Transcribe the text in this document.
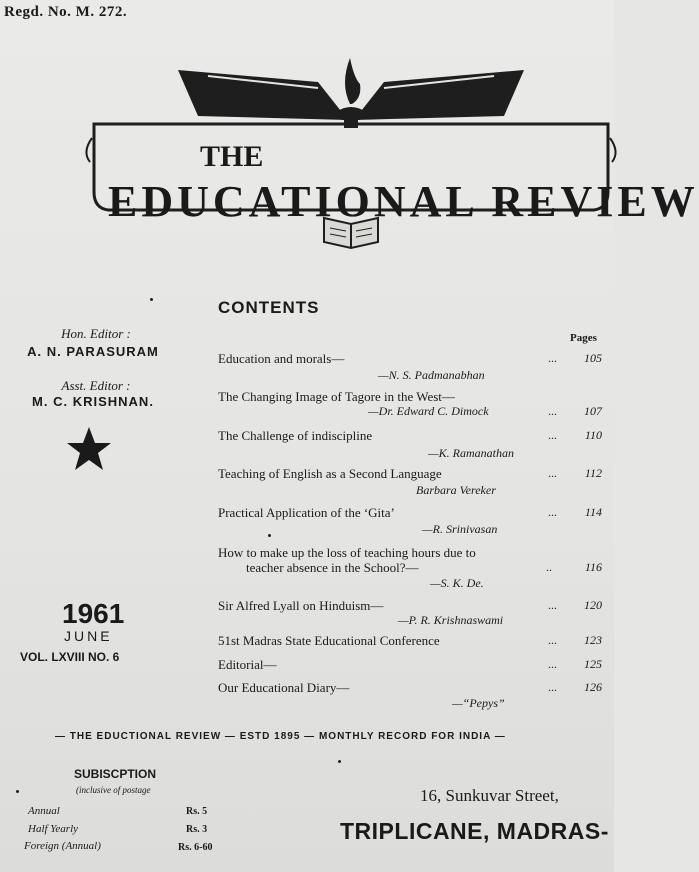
Regd. No. M. 272.
THE
EDUCATIONAL REVIEW
Hon. Editor :
A. N. PARASURAM
Asst. Editor :
M. C. KRISHNAN.
1961
JUNE
VOL. LXVIII NO. 6
CONTENTS
Pages
Education and morals—	...	105
—N. S. Padmanabhan
The Changing Image of Tagore in the West—
—Dr. Edward C. Dimock	...	107
The Challenge of indiscipline	...	110
—K. Ramanathan
Teaching of English as a Second Language	...	112
Barbara Vereker
Practical Application of the ‘Gita’	...	114
—R. Srinivasan
How to make up the loss of teaching hours due to
teacher absence in the School?—	..	116
—S. K. De.
Sir Alfred Lyall on Hinduism—	...	120
—P. R. Krishnaswami
51st Madras State Educational Conference	...	123
Editorial—	...	125
Our Educational Diary—	...	126
—“Pepys”
— THE EDUCTIONAL REVIEW — ESTD 1895 — MONTHLY RECORD FOR INDIA —
SUBISCPTION
(inclusive of postage
Annual	Rs. 5
Half Yearly	Rs. 3
Foreign (Annual)	Rs. 6-60
16, Sunkuvar Street,
TRIPLICANE, MADRAS-
